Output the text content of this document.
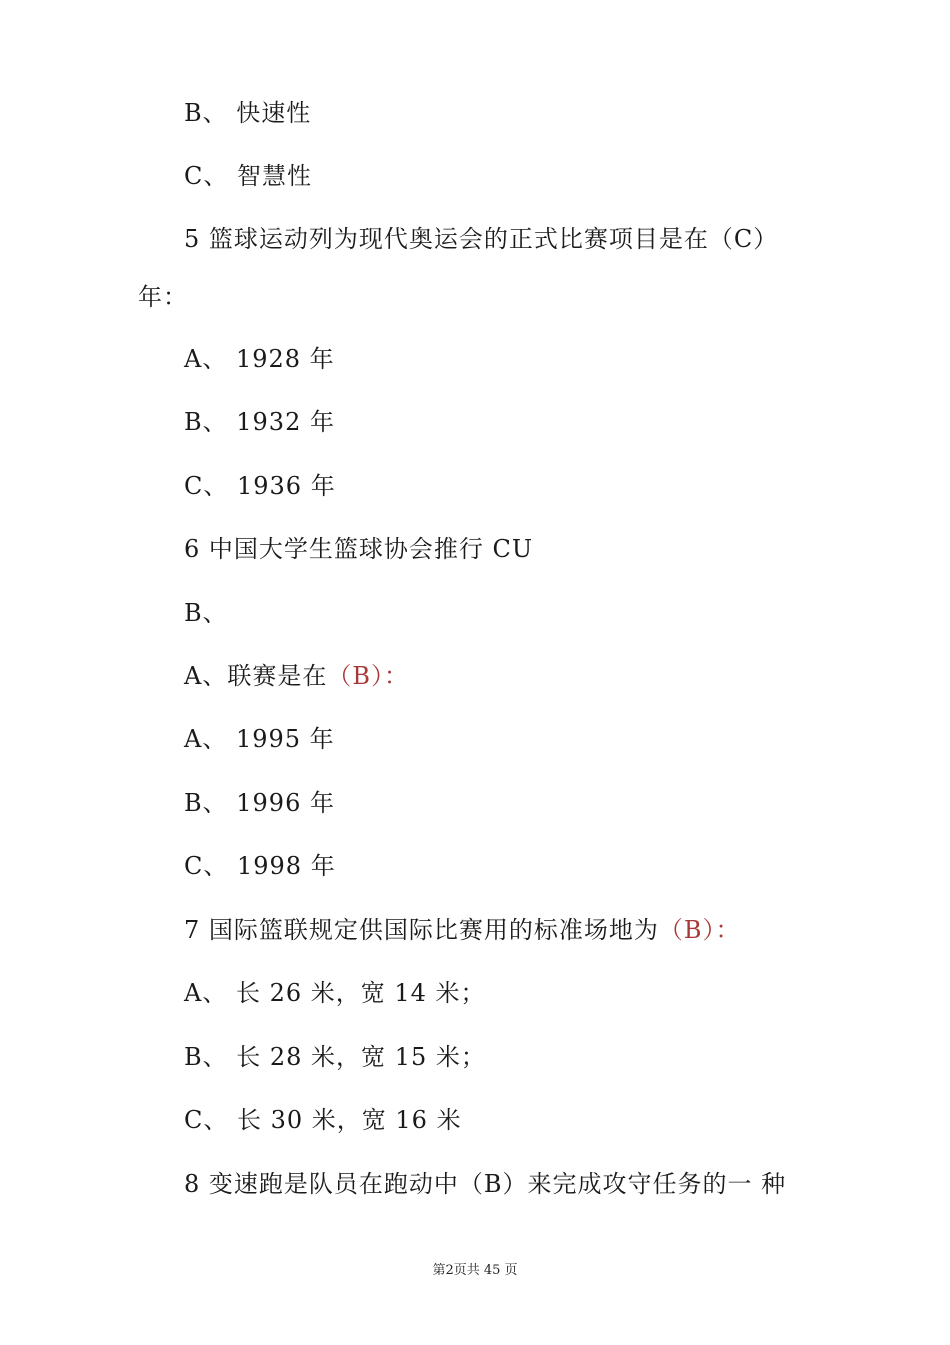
B、 快速性
C、 智慧性
5 篮球运动列为现代奥运会的正式比赛项目是在（C）
年：
A、 1928 年
B、 1932 年
C、 1936 年
6 中国大学生篮球协会推行 CU
B、
A、联赛是在（B）：
A、 1995 年
B、 1996 年
C、 1998 年
7 国际篮联规定供国际比赛用的标准场地为（B）：
A、 长 26 米，宽 14 米；
B、 长 28 米，宽 15 米；
C、 长 30 米，宽 16 米
8 变速跑是队员在跑动中（B）来完成攻守任务的一 种
第2页共 45 页
